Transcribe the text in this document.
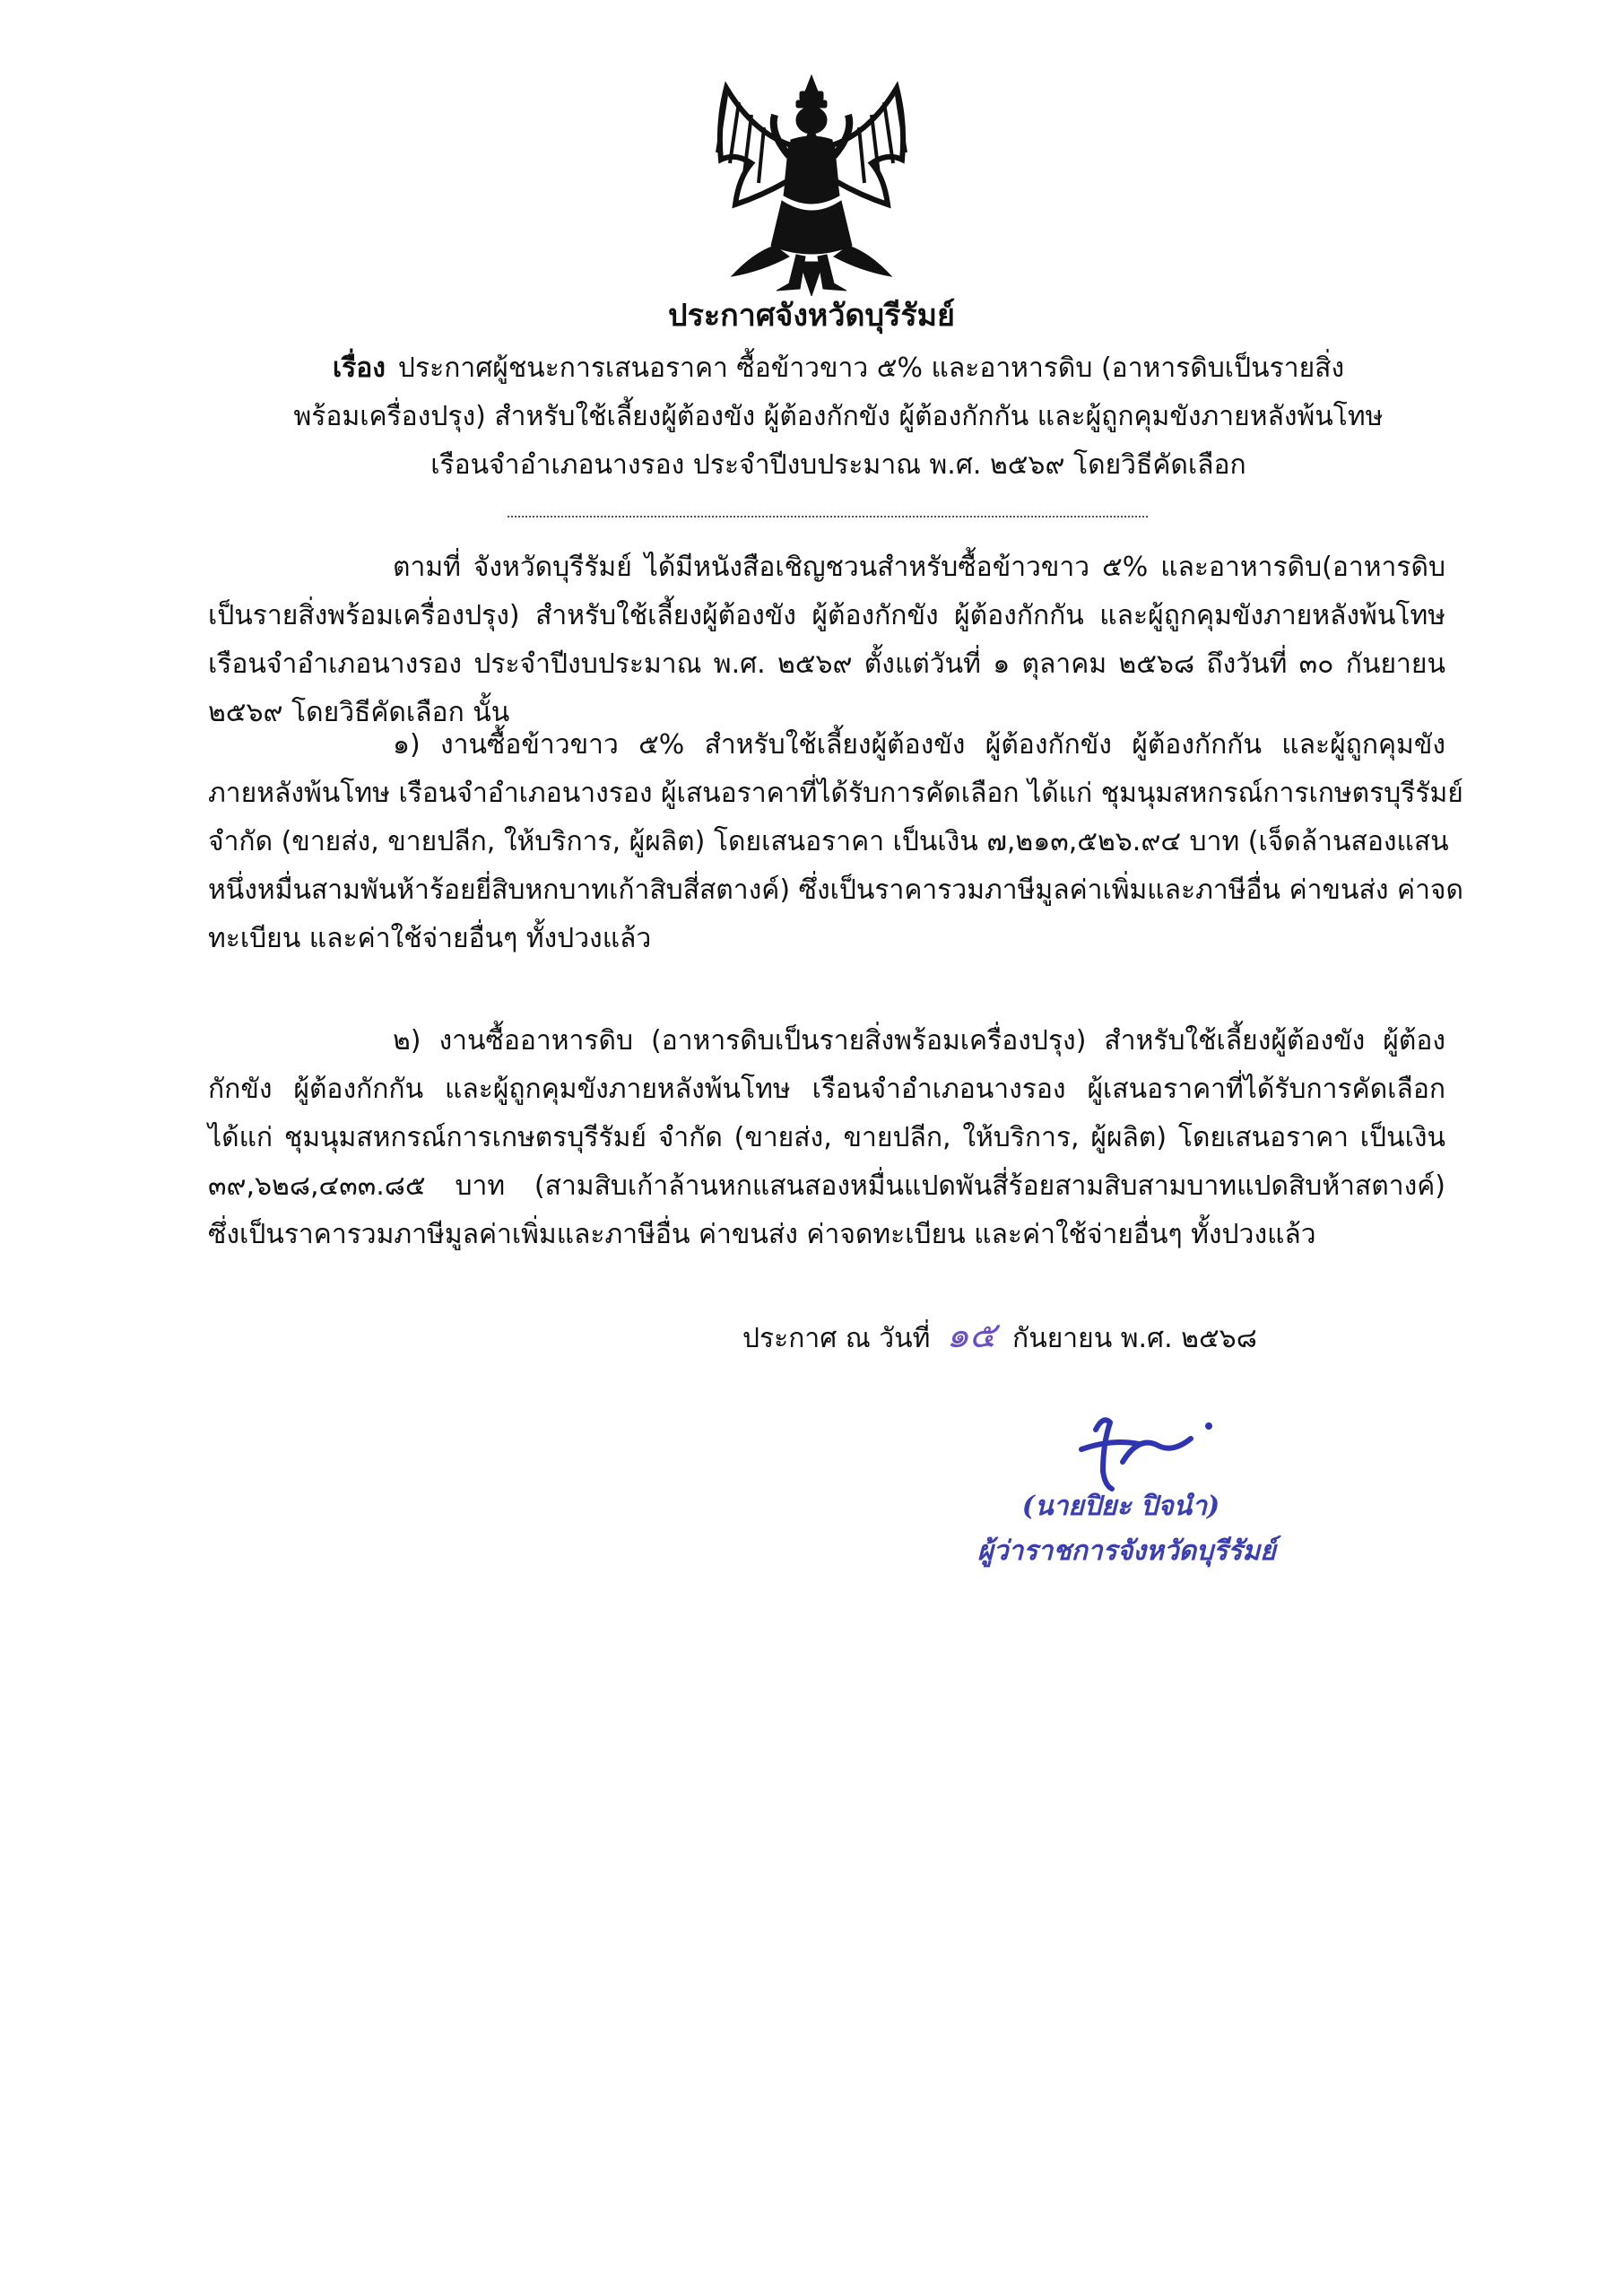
ประกาศจังหวัดบุรีรัมย์
เรื่อง ประกาศผู้ชนะการเสนอราคา ซื้อข้าวขาว ๕% และอาหารดิบ (อาหารดิบเป็นรายสิ่ง
พร้อมเครื่องปรุง) สำหรับใช้เลี้ยงผู้ต้องขัง ผู้ต้องกักขัง ผู้ต้องกักกัน และผู้ถูกคุมขังภายหลังพ้นโทษ
เรือนจำอำเภอนางรอง ประจำปีงบประมาณ พ.ศ. ๒๕๖๙ โดยวิธีคัดเลือก
ตามที่ จังหวัดบุรีรัมย์ ได้มีหนังสือเชิญชวนสำหรับซื้อข้าวขาว ๕% และอาหารดิบ(อาหารดิบ
เป็นรายสิ่งพร้อมเครื่องปรุง) สำหรับใช้เลี้ยงผู้ต้องขัง ผู้ต้องกักขัง ผู้ต้องกักกัน และผู้ถูกคุมขังภายหลังพ้นโทษ
เรือนจำอำเภอนางรอง ประจำปีงบประมาณ พ.ศ. ๒๕๖๙ ตั้งแต่วันที่ ๑ ตุลาคม ๒๕๖๘ ถึงวันที่ ๓๐ กันยายน
๒๕๖๙ โดยวิธีคัดเลือก นั้น
๑) งานซื้อข้าวขาว ๕% สำหรับใช้เลี้ยงผู้ต้องขัง ผู้ต้องกักขัง ผู้ต้องกักกัน และผู้ถูกคุมขัง
ภายหลังพ้นโทษ เรือนจำอำเภอนางรอง ผู้เสนอราคาที่ได้รับการคัดเลือก ได้แก่ ชุมนุมสหกรณ์การเกษตรบุรีรัมย์
จำกัด (ขายส่ง, ขายปลีก, ให้บริการ, ผู้ผลิต) โดยเสนอราคา เป็นเงิน ๗,๒๑๓,๕๒๖.๙๔ บาท (เจ็ดล้านสองแสน
หนึ่งหมื่นสามพันห้าร้อยยี่สิบหกบาทเก้าสิบสี่สตางค์) ซึ่งเป็นราคารวมภาษีมูลค่าเพิ่มและภาษีอื่น ค่าขนส่ง ค่าจด
ทะเบียน และค่าใช้จ่ายอื่นๆ ทั้งปวงแล้ว
๒) งานซื้ออาหารดิบ (อาหารดิบเป็นรายสิ่งพร้อมเครื่องปรุง) สำหรับใช้เลี้ยงผู้ต้องขัง ผู้ต้อง
กักขัง ผู้ต้องกักกัน และผู้ถูกคุมขังภายหลังพ้นโทษ เรือนจำอำเภอนางรอง ผู้เสนอราคาที่ได้รับการคัดเลือก
ได้แก่ ชุมนุมสหกรณ์การเกษตรบุรีรัมย์ จำกัด (ขายส่ง, ขายปลีก, ให้บริการ, ผู้ผลิต) โดยเสนอราคา เป็นเงิน
๓๙,๖๒๘,๔๓๓.๘๕ บาท (สามสิบเก้าล้านหกแสนสองหมื่นแปดพันสี่ร้อยสามสิบสามบาทแปดสิบห้าสตางค์)
ซึ่งเป็นราคารวมภาษีมูลค่าเพิ่มและภาษีอื่น ค่าขนส่ง ค่าจดทะเบียน และค่าใช้จ่ายอื่นๆ ทั้งปวงแล้ว
ประกาศ ณ วันที่ ๑๕ กันยายน พ.ศ. ๒๕๖๘
(นายปิยะ ปิจนำ)
ผู้ว่าราชการจังหวัดบุรีรัมย์
